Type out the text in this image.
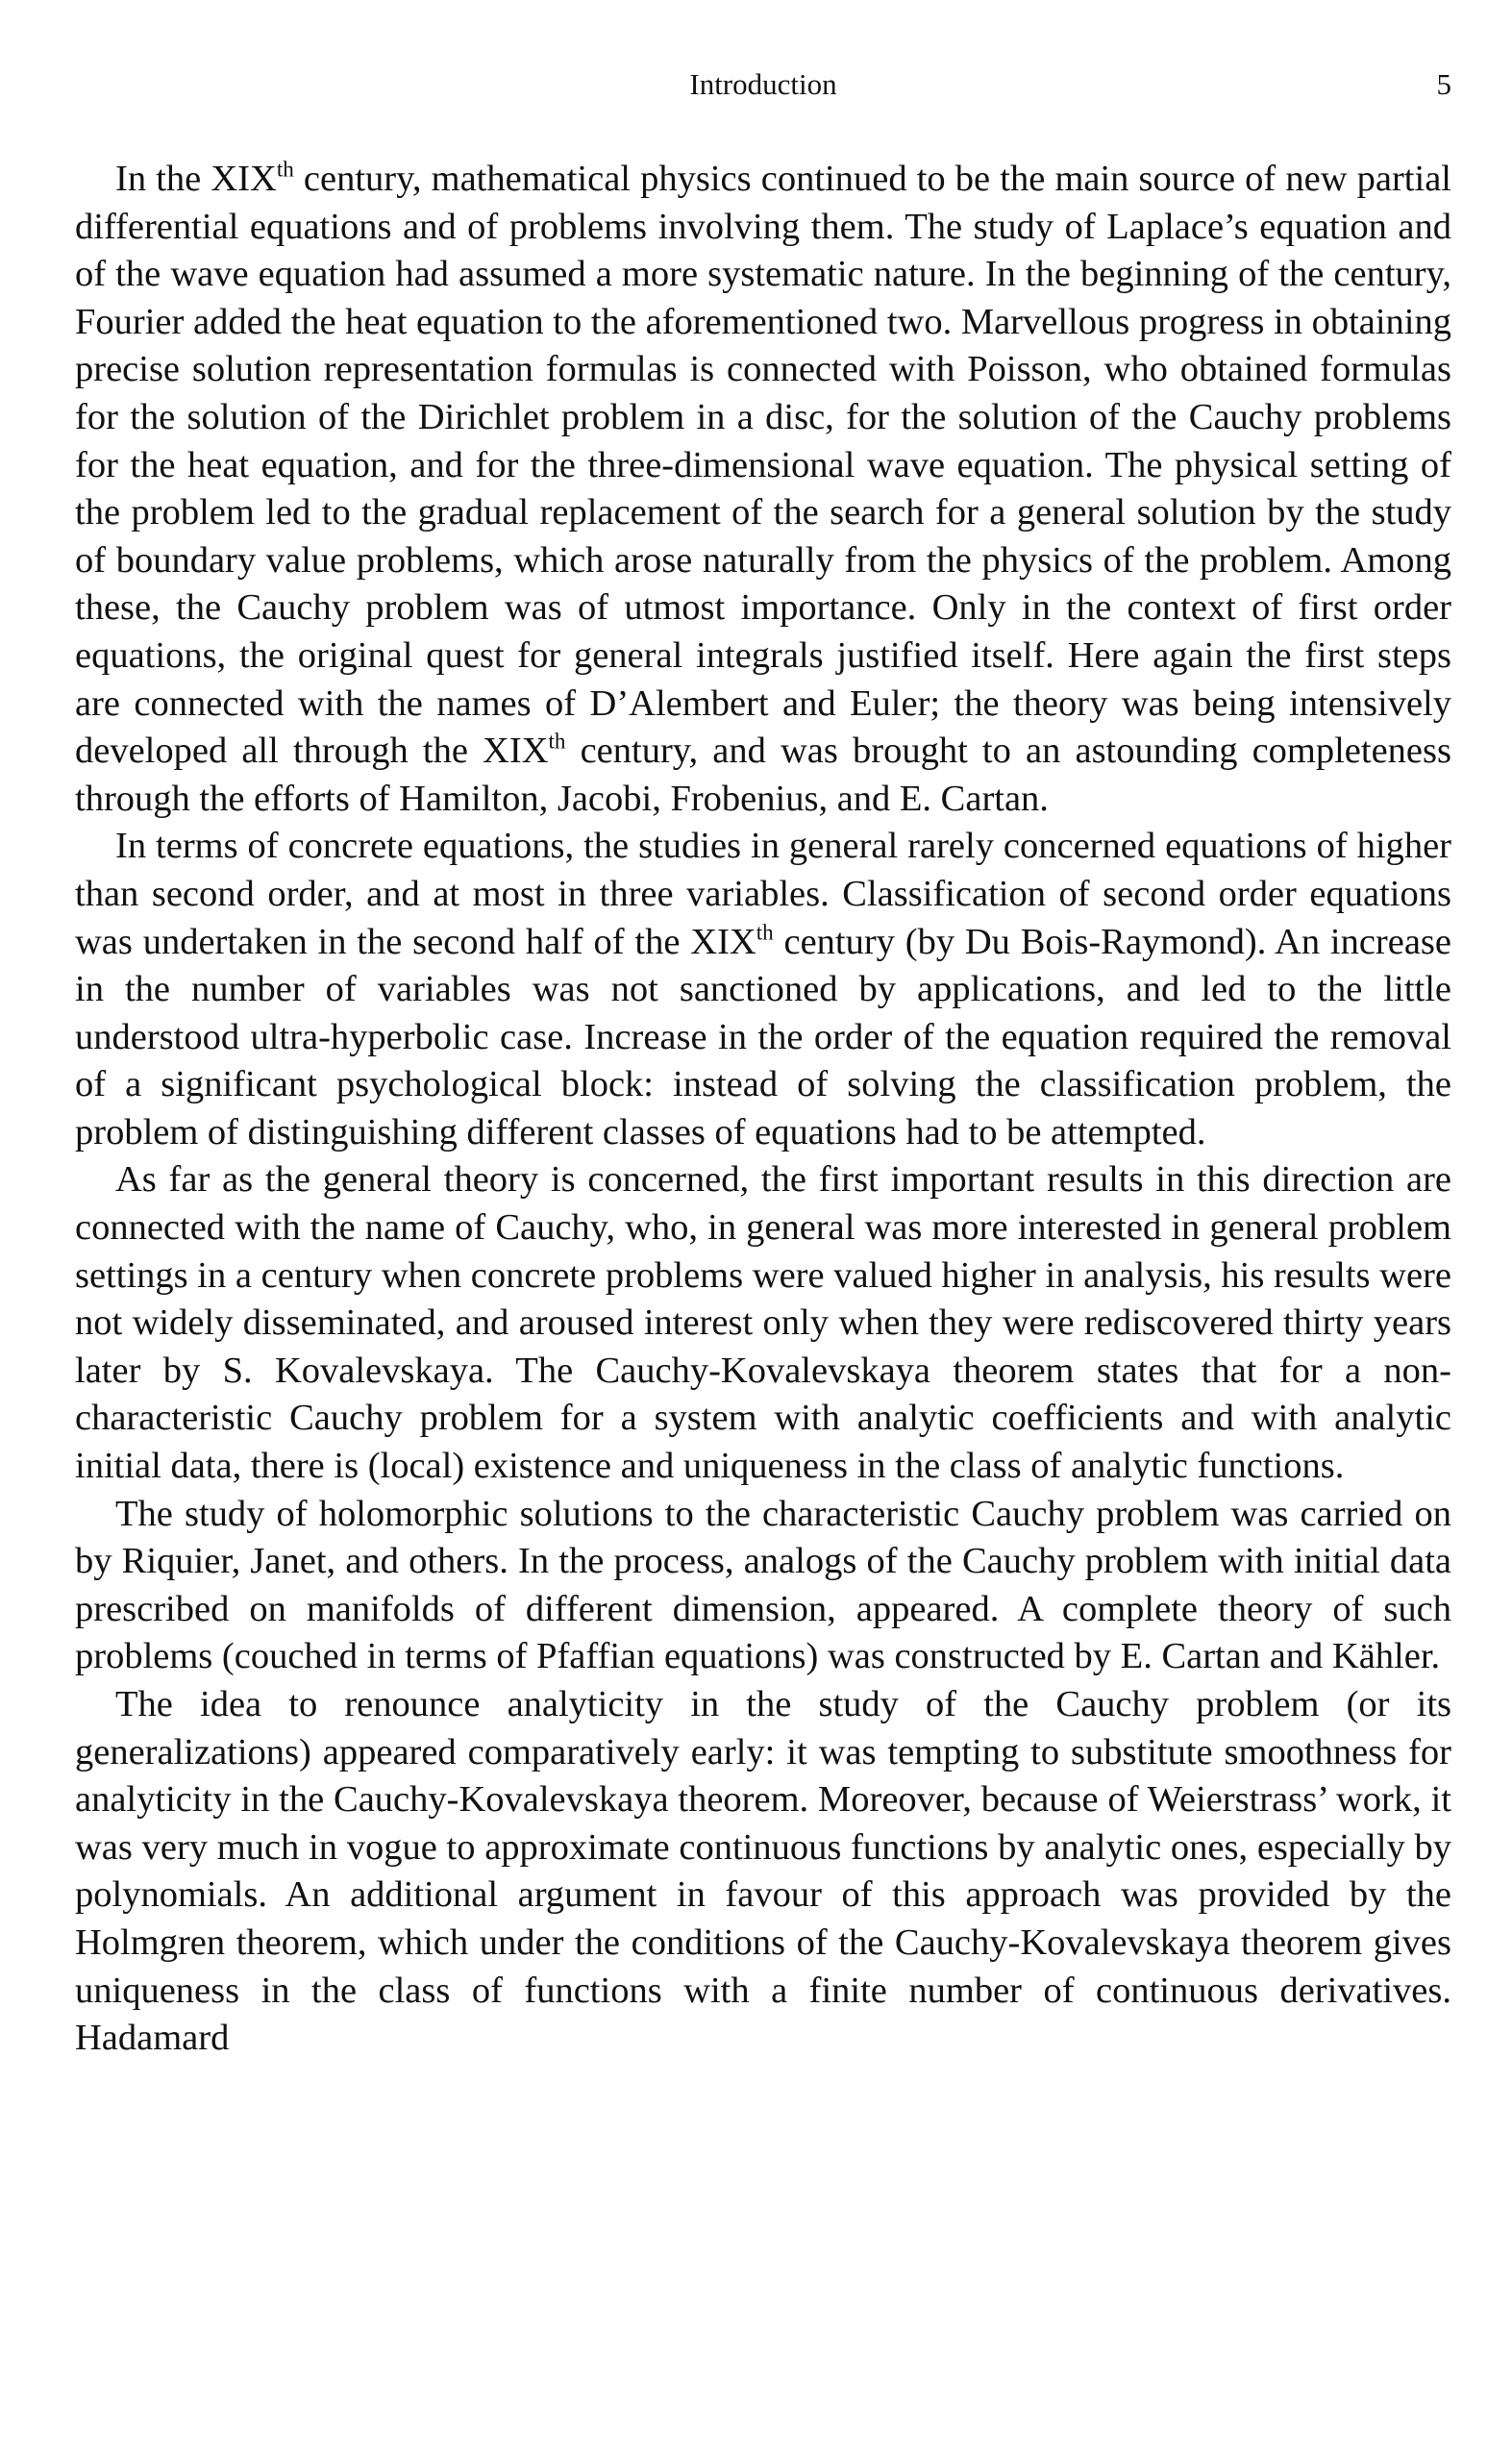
Introduction	5

In the XIXth century, mathematical physics continued to be the main source of new partial differential equations and of problems involving them. The study of Laplace’s equation and of the wave equation had assumed a more systematic nature. In the beginning of the century, Fourier added the heat equation to the aforementioned two. Marvellous progress in obtaining precise solution representation formulas is connected with Poisson, who obtained formulas for the solution of the Dirichlet problem in a disc, for the solution of the Cauchy problems for the heat equation, and for the three-dimensional wave equation. The physical setting of the problem led to the gradual replacement of the search for a general solution by the study of boundary value problems, which arose naturally from the physics of the problem. Among these, the Cauchy problem was of utmost importance. Only in the context of first order equations, the original quest for general integrals justified itself. Here again the first steps are connected with the names of D’Alembert and Euler; the theory was being intensively developed all through the XIXth century, and was brought to an astounding completeness through the efforts of Hamilton, Jacobi, Frobenius, and E. Cartan.

In terms of concrete equations, the studies in general rarely concerned equations of higher than second order, and at most in three variables. Classification of second order equations was undertaken in the second half of the XIXth century (by Du Bois-Raymond). An increase in the number of variables was not sanctioned by applications, and led to the little understood ultra-hyperbolic case. Increase in the order of the equation required the removal of a significant psychological block: instead of solving the classification problem, the problem of distinguishing different classes of equations had to be attempted.

As far as the general theory is concerned, the first important results in this direction are connected with the name of Cauchy, who, in general was more interested in general problem settings in a century when concrete problems were valued higher in analysis, his results were not widely disseminated, and aroused interest only when they were rediscovered thirty years later by S. Kovalevskaya. The Cauchy-Kovalevskaya theorem states that for a non-characteristic Cauchy problem for a system with analytic coefficients and with analytic initial data, there is (local) existence and uniqueness in the class of analytic functions.

The study of holomorphic solutions to the characteristic Cauchy problem was carried on by Riquier, Janet, and others. In the process, analogs of the Cauchy problem with initial data prescribed on manifolds of different dimension, appeared. A complete theory of such problems (couched in terms of Pfaffian equations) was constructed by E. Cartan and Kähler.

The idea to renounce analyticity in the study of the Cauchy problem (or its generalizations) appeared comparatively early: it was tempting to substitute smoothness for analyticity in the Cauchy-Kovalevskaya theorem. Moreover, because of Weierstrass’ work, it was very much in vogue to approximate continuous functions by analytic ones, especially by polynomials. An additional argument in favour of this approach was provided by the Holmgren theorem, which under the conditions of the Cauchy-Kovalevskaya theorem gives uniqueness in the class of functions with a finite number of continuous derivatives. Hadamard
